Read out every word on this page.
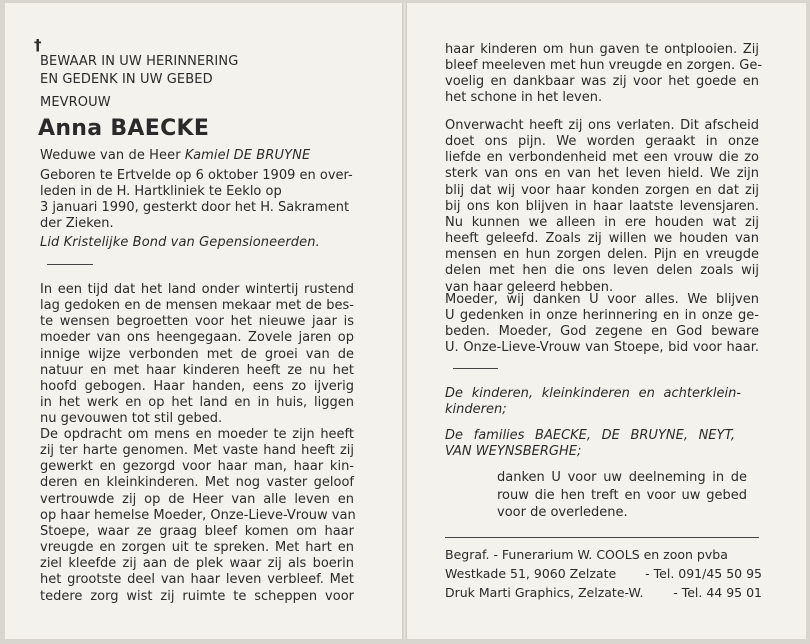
†
BEWAAR IN UW HERINNERING
EN GEDENK IN UW GEBED
MEVROUW
Anna BAECKE
Weduwe van de Heer Kamiel DE BRUYNE
Geboren te Ertvelde op 6 oktober 1909 en over-
leden in de H. Hartkliniek te Eeklo op
3 januari 1990, gesterkt door het H. Sakrament
der Zieken.
Lid Kristelijke Bond van Gepensioneerden.
In een tijd dat het land onder wintertij rustend
lag gedoken en de mensen mekaar met de bes-
te wensen begroetten voor het nieuwe jaar is
moeder van ons heengegaan. Zovele jaren op
innige wijze verbonden met de groei van de
natuur en met haar kinderen heeft ze nu het
hoofd gebogen. Haar handen, eens zo ijverig
in het werk en op het land en in huis, liggen
nu gevouwen tot stil gebed.
De opdracht om mens en moeder te zijn heeft
zij ter harte genomen. Met vaste hand heeft zij
gewerkt en gezorgd voor haar man, haar kin-
deren en kleinkinderen. Met nog vaster geloof
vertrouwde zij op de Heer van alle leven en
op haar hemelse Moeder, Onze-Lieve-Vrouw van
Stoepe, waar ze graag bleef komen om haar
vreugde en zorgen uit te spreken. Met hart en
ziel kleefde zij aan de plek waar zij als boerin
het grootste deel van haar leven verbleef. Met
tedere zorg wist zij ruimte te scheppen voor
haar kinderen om hun gaven te ontplooien. Zij
bleef meeleven met hun vreugde en zorgen. Ge-
voelig en dankbaar was zij voor het goede en
het schone in het leven.
Onverwacht heeft zij ons verlaten. Dit afscheid
doet ons pijn. We worden geraakt in onze
liefde en verbondenheid met een vrouw die zo
sterk van ons en van het leven hield. We zijn
blij dat wij voor haar konden zorgen en dat zij
bij ons kon blijven in haar laatste levensjaren.
Nu kunnen we alleen in ere houden wat zij
heeft geleefd. Zoals zij willen we houden van
mensen en hun zorgen delen. Pijn en vreugde
delen met hen die ons leven delen zoals wij
van haar geleerd hebben.
Moeder, wij danken U voor alles. We blijven
U gedenken in onze herinnering en in onze ge-
beden. Moeder, God zegene en God beware
U. Onze-Lieve-Vrouw van Stoepe, bid voor haar.
De kinderen, kleinkinderen en achterklein-
kinderen;
De families BAECKE, DE BRUYNE, NEYT,
VAN WEYNSBERGHE;
danken U voor uw deelneming in de
rouw die hen treft en voor uw gebed
voor de overledene.
Begraf. - Funerarium W. COOLS en zoon pvba
Westkade 51, 9060 Zelzate - Tel. 091/45 50 95
Druk Marti Graphics, Zelzate-W. - Tel. 44 95 01
